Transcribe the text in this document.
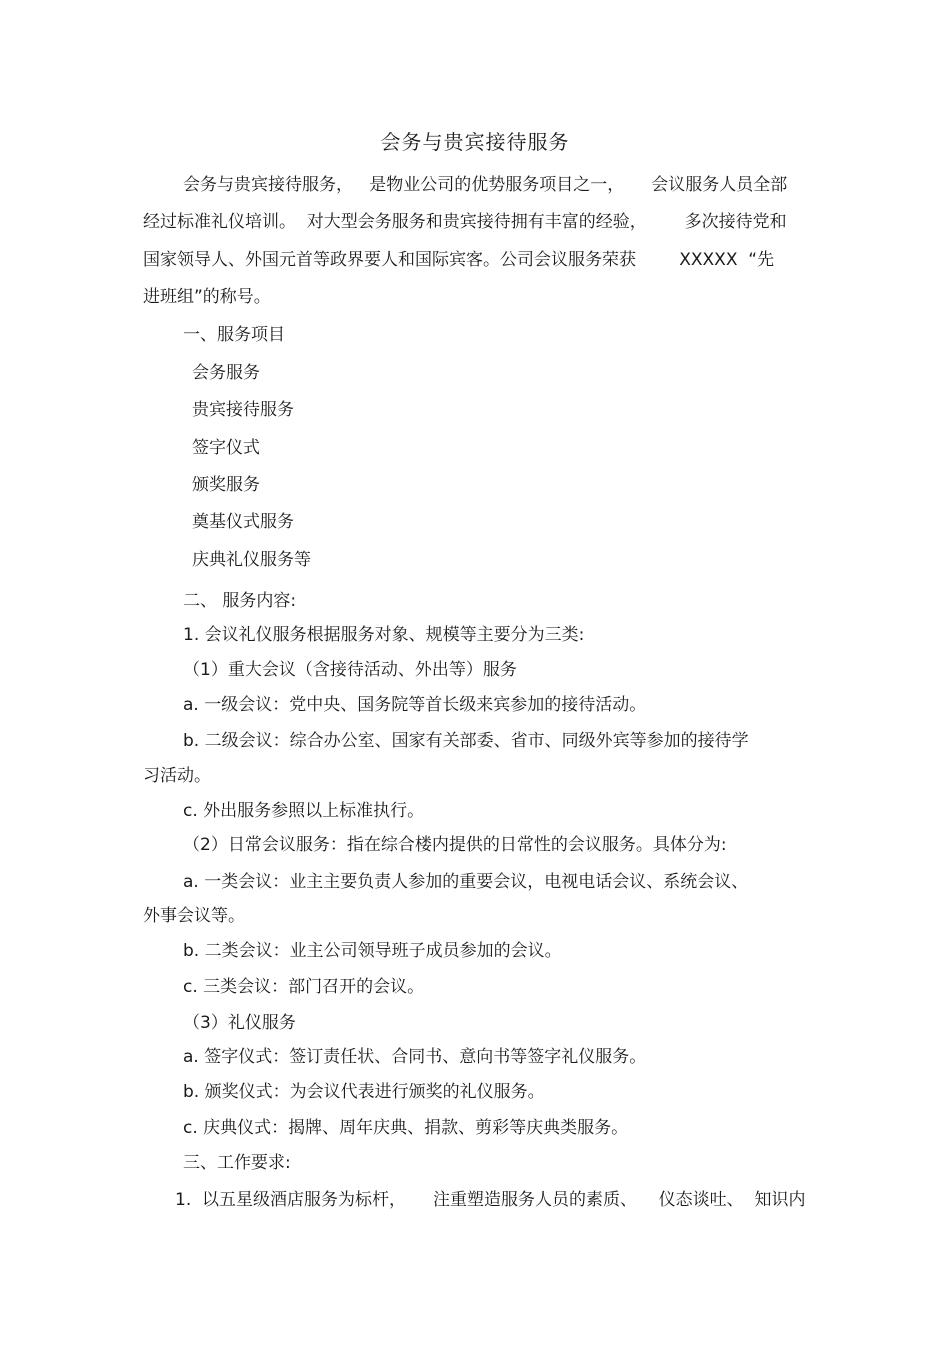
会务与贵宾接待服务
会务与贵宾接待服务，   是物业公司的优势服务项目之一，     会议服务人员全部
经过标准礼仪培训。  对大型会务服务和贵宾接待拥有丰富的经验，       多次接待党和
国家领导人、外国元首等政界要人和国际宾客。公司会议服务荣获        XXXXX  “先
进班组”的称号。
一、服务项目
会务服务
贵宾接待服务
签字仪式
颁奖服务
奠基仪式服务
庆典礼仪服务等
二、 服务内容:
1. 会议礼仪服务根据服务对象、规模等主要分为三类:
（1）重大会议（含接待活动、外出等）服务
a. 一级会议：党中央、国务院等首长级来宾参加的接待活动。
b. 二级会议：综合办公室、国家有关部委、省市、同级外宾等参加的接待学
习活动。
c. 外出服务参照以上标准执行。
（2）日常会议服务：指在综合楼内提供的日常性的会议服务。具体分为:
a. 一类会议：业主主要负责人参加的重要会议，电视电话会议、系统会议、
外事会议等。
b. 二类会议：业主公司领导班子成员参加的会议。
c. 三类会议：部门召开的会议。
（3）礼仪服务
a. 签字仪式：签订责任状、合同书、意向书等签字礼仪服务。
b. 颁奖仪式：为会议代表进行颁奖的礼仪服务。
c. 庆典仪式：揭牌、周年庆典、捐款、剪彩等庆典类服务。
三、工作要求:
1.  以五星级酒店服务为标杆，     注重塑造服务人员的素质、    仪态谈吐、  知识内
